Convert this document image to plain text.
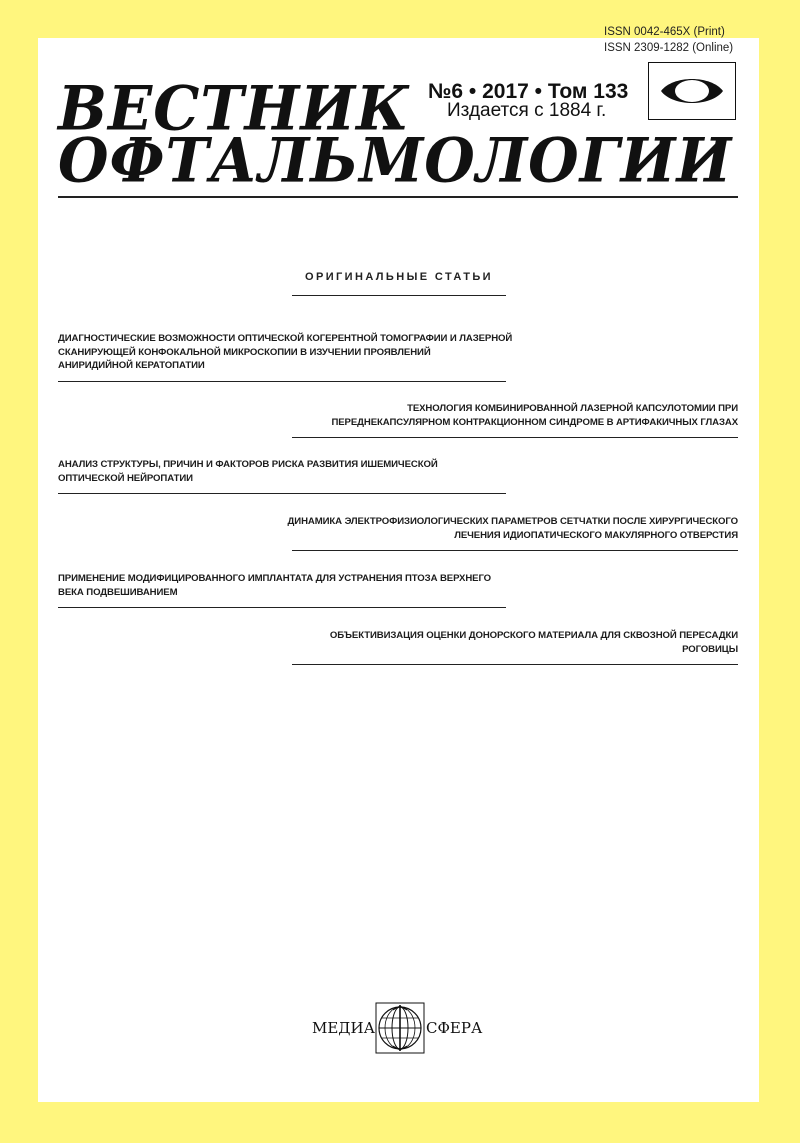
ISSN 0042-465X (Print)
ISSN 2309-1282 (Online)
ВЕСТНИК
ОФТАЛЬМОЛОГИИ
№6 • 2017 • Том 133
Издается с 1884 г.
ОРИГИНАЛЬНЫЕ СТАТЬИ
ДИАГНОСТИЧЕСКИЕ ВОЗМОЖНОСТИ ОПТИЧЕСКОЙ КОГЕРЕНТНОЙ ТОМОГРАФИИ И ЛАЗЕРНОЙ
СКАНИРУЮЩЕЙ КОНФОКАЛЬНОЙ МИКРОСКОПИИ В ИЗУЧЕНИИ ПРОЯВЛЕНИЙ
АНИРИДИЙНОЙ КЕРАТОПАТИИ
ТЕХНОЛОГИЯ КОМБИНИРОВАННОЙ ЛАЗЕРНОЙ КАПСУЛОТОМИИ ПРИ
ПЕРЕДНЕКАПСУЛЯРНОМ КОНТРАКЦИОННОМ СИНДРОМЕ В АРТИФАКИЧНЫХ ГЛАЗАХ
АНАЛИЗ СТРУКТУРЫ, ПРИЧИН И ФАКТОРОВ РИСКА РАЗВИТИЯ ИШЕМИЧЕСКОЙ
ОПТИЧЕСКОЙ НЕЙРОПАТИИ
ДИНАМИКА ЭЛЕКТРОФИЗИОЛОГИЧЕСКИХ ПАРАМЕТРОВ СЕТЧАТКИ ПОСЛЕ ХИРУРГИЧЕСКОГО
ЛЕЧЕНИЯ ИДИОПАТИЧЕСКОГО МАКУЛЯРНОГО ОТВЕРСТИЯ
ПРИМЕНЕНИЕ МОДИФИЦИРОВАННОГО ИМПЛАНТАТА ДЛЯ УСТРАНЕНИЯ ПТОЗА ВЕРХНЕГО
ВЕКА ПОДВЕШИВАНИЕМ
ОБЪЕКТИВИЗАЦИЯ ОЦЕНКИ ДОНОРСКОГО МАТЕРИАЛА ДЛЯ СКВОЗНОЙ ПЕРЕСАДКИ
РОГОВИЦЫ
МЕДИА	СФЕРА
